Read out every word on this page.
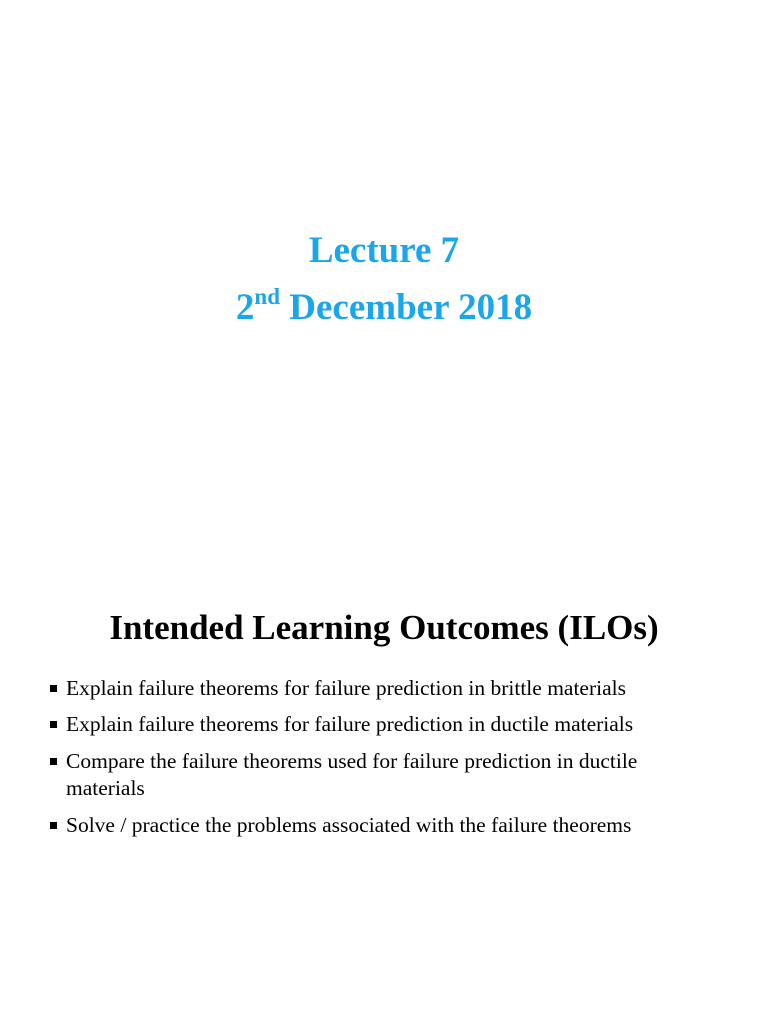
Lecture 7
2nd December 2018
Intended Learning Outcomes (ILOs)
Explain failure theorems for failure prediction in brittle materials
Explain failure theorems for failure prediction in ductile materials
Compare the failure theorems used for failure prediction in ductile materials
Solve / practice the problems associated with the failure theorems
